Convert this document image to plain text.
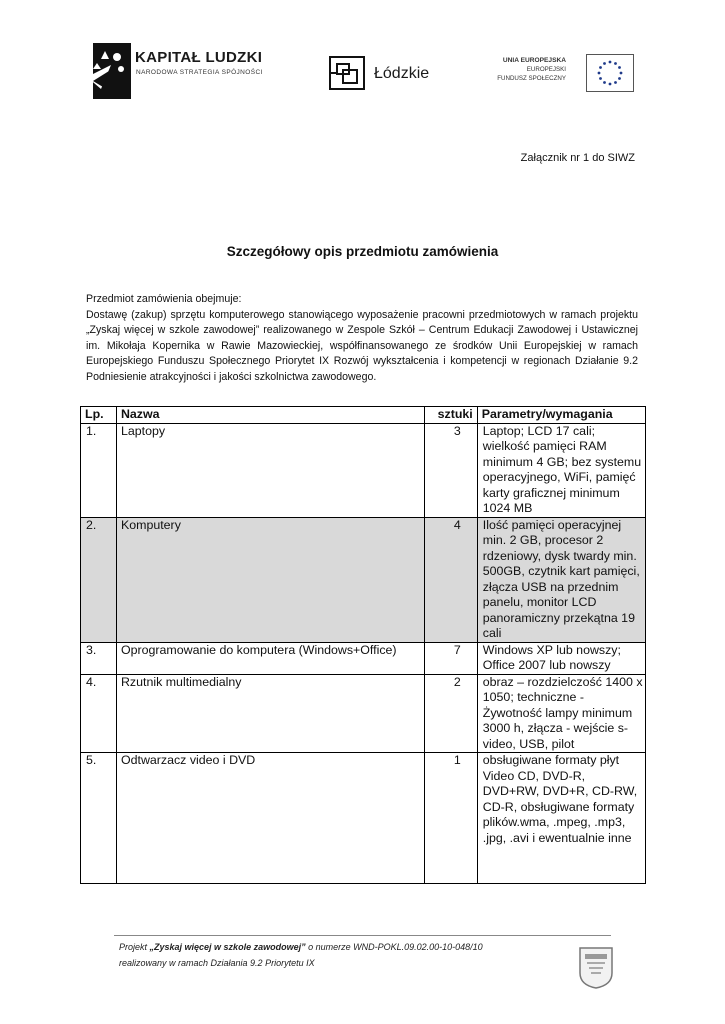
KAPITAŁ LUDZKI
NARODOWA STRATEGIA SPÓJNOŚCI	Łódzkie
UNIA EUROPEJSKA
EUROPEJSKI
FUNDUSZ SPOŁECZNY
Załącznik nr 1 do SIWZ
Szczegółowy opis przedmiotu zamówienia

Przedmiot zamówienia obejmuje:

Dostawę (zakup) sprzętu komputerowego stanowiącego wyposażenie pracowni przedmiotowych w ramach projektu „Zyskaj więcej w szkole zawodowej” realizowanego w Zespole Szkół – Centrum Edukacji Zawodowej i Ustawicznej im. Mikołaja Kopernika w Rawie Mazowieckiej, współfinansowanego ze środków Unii Europejskiej w ramach Europejskiego Funduszu Społecznego Priorytet IX Rozwój wykształcenia i kompetencji w regionach Działanie 9.2 Podniesienie atrakcyjności i jakości szkolnictwa zawodowego.

Lp.	Nazwa	sztuki	Parametry/wymagania
1.	Laptopy	3	Laptop; LCD 17 cali; wielkość pamięci RAM minimum 4 GB; bez systemu operacyjnego, WiFi, pamięć karty graficznej minimum 1024 MB
2.	Komputery	4	Ilość pamięci operacyjnej min. 2 GB, procesor 2 rdzeniowy, dysk twardy min. 500GB, czytnik kart pamięci, złącza USB na przednim panelu, monitor LCD panoramiczny przekątna 19 cali
3.	Oprogramowanie do komputera (Windows+Office)	7	Windows XP lub nowszy; Office 2007 lub nowszy
4.	Rzutnik multimedialny	2	obraz – rozdzielczość 1400 x 1050; techniczne - Żywotność lampy minimum 3000 h, złącza - wejście s-video, USB, pilot
5.	Odtwarzacz video i DVD	1	obsługiwane formaty płyt Video CD, DVD-R, DVD+RW, DVD+R, CD-RW, CD-R, obsługiwane formaty plików.wma, .mpeg, .mp3, .jpg, .avi i ewentualnie inne
Projekt „Zyskaj więcej w szkole zawodowej” o numerze WND-POKL.09.02.00-10-048/10
realizowany w ramach Działania 9.2 Priorytetu IX
